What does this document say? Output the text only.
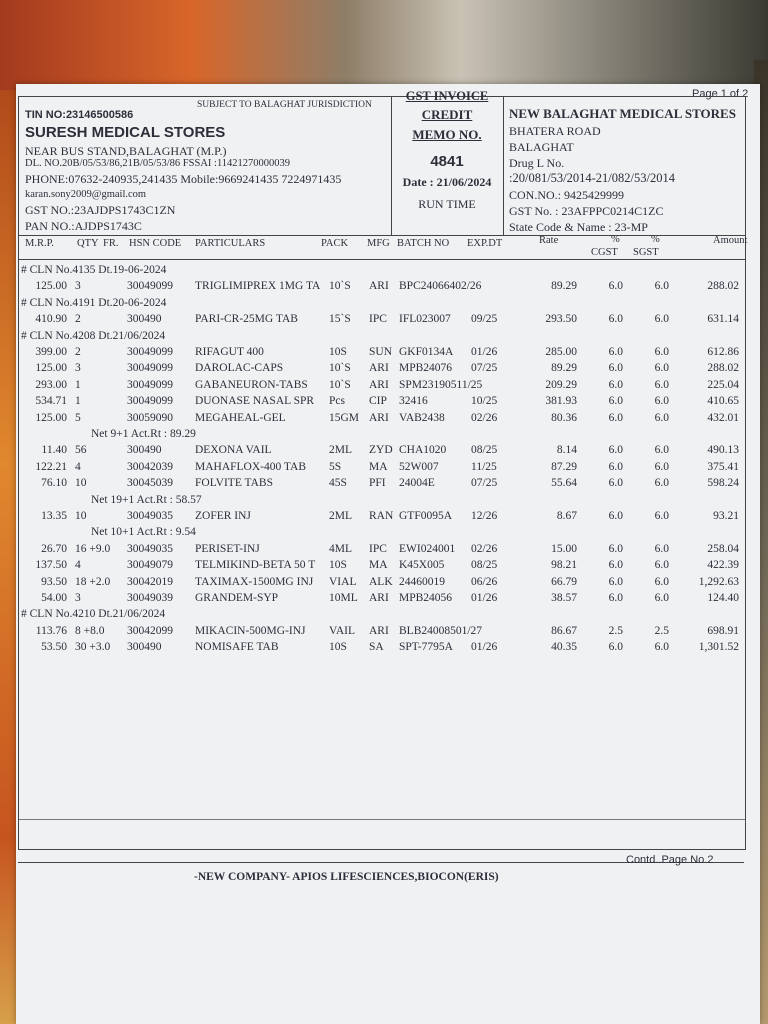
Page 1 of 2
TIN NO:23146500586
SUBJECT TO BALAGHAT JURISDICTION
SURESH MEDICAL STORES
NEAR BUS STAND,BALAGHAT (M.P.)
DL. NO.20B/05/53/86,21B/05/53/86 FSSAI :11421270000039
PHONE:07632-240935,241435 Mobile:9669241435 7224971435
karan.sony2009@gmail.com
GST NO.:23AJDPS1743C1ZN
PAN NO.:AJDPS1743C
GST INVOICE
CREDIT
MEMO NO.
4841
Date : 21/06/2024
RUN TIME
NEW BALAGHAT MEDICAL STORES
BHATERA ROAD
BALAGHAT
Drug L No.
:20/081/53/2014-21/082/53/2014
CON.NO.: 9425429999
GST No. : 23AFPPC0214C1ZC
State Code & Name : 23-MP
M.R.P. QTY FR. HSN CODE PARTICULARS	PACK MFG BATCH NO EXP.DT	Rate	%	%
CGST SGST
Amount
# CLN No.4135 Dt.19-06-2024
125.00 3	30049099	TRIGLIMIPREX 1MG TA 10`S	ARI BPC24066402/26	89.29	6.0	6.0	288.02
# CLN No.4191 Dt.20-06-2024
410.90 2	300490	PARI-CR-25MG TAB	15`S	IPC	IFL023007	09/25	293.50	6.0	6.0	631.14
# CLN No.4208 Dt.21/06/2024
399.00 2	30049099	RIFAGUT 400	10S	SUN GKF0134A	01/26	285.00	6.0	6.0	612.86
125.00 3	30049099	DAROLAC-CAPS	10`S	ARI MPB24076	07/25	89.29	6.0	6.0	288.02
293.00 1	30049099	GABANEURON-TABS	10`S	ARI SPM23190511/25	209.29	6.0	6.0	225.04
534.71 1	30049099	DUONASE NASAL SPR	Pcs	CIP	32416	10/25	381.93	6.0	6.0	410.65
125.00 5	30059090	MEGAHEAL-GEL	15GM ARI VAB2438	02/26	80.36	6.0	6.0	432.01
Net 9+1 Act.Rt : 89.29
11.40 56	300490	DEXONA VAIL	2ML	ZYD CHA1020	08/25	8.14	6.0	6.0	490.13
122.21 4	30042039	MAHAFLOX-400 TAB	5S	MA 52W007	11/25	87.29	6.0	6.0	375.41
76.10 10	30045039	FOLVITE TABS	45S	PFI	24004E	07/25	55.64	6.0	6.0	598.24
Net 19+1 Act.Rt : 58.57
13.35 10	30049035	ZOFER INJ	2ML	RAN GTF0095A	12/26	8.67	6.0	6.0	93.21
Net 10+1 Act.Rt : 9.54
26.70 16 +9.0	30049035	PERISET-INJ	4ML	IPC	EWI024001	02/26	15.00	6.0	6.0	258.04
137.50 4	30049079	TELMIKIND-BETA 50 T	10S	MA K45X005	08/25	98.21	6.0	6.0	422.39
93.50 18 +2.0	30042019	TAXIMAX-1500MG INJ	VIAL	ALK 24460019	06/26	66.79	6.0	6.0	1,292.63
54.00 3	30049039	GRANDEM-SYP	10ML ARI MPB24056	01/26	38.57	6.0	6.0	124.40
# CLN No.4210 Dt.21/06/2024
113.76 8 +8.0	30042099	MIKACIN-500MG-INJ	VAIL	ARI BLB24008501/27	86.67	2.5	2.5	698.91
53.50 30 +3.0	300490	NOMISAFE TAB	10S	SA	SPT-7795A	01/26	40.35	6.0	6.0	1,301.52
Contd..Page No.2
-NEW COMPANY- APIOS LIFESCIENCES,BIOCON(ERIS)
